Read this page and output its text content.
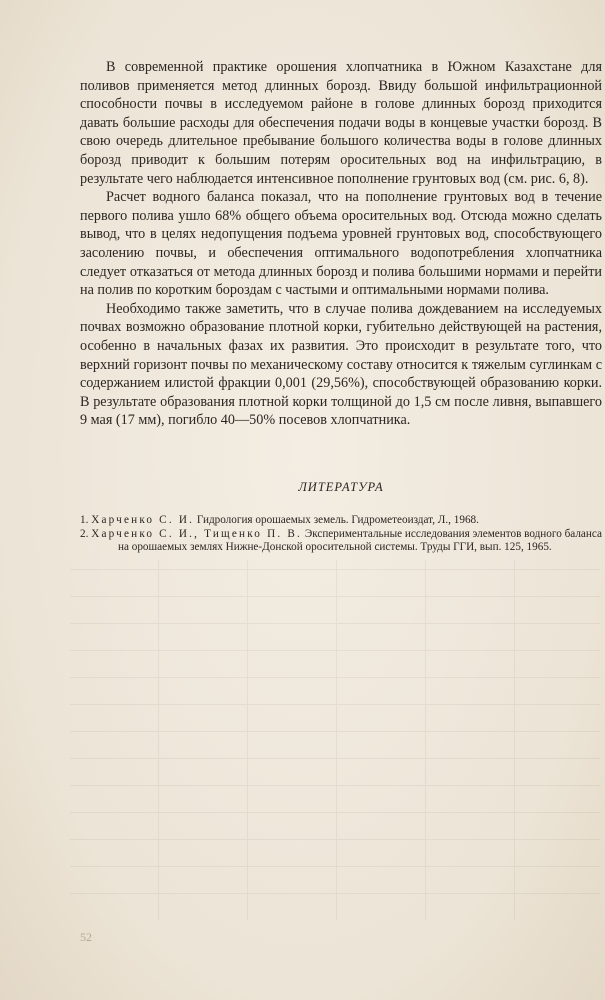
В современной практике орошения хлопчатника в Южном Казахстане для поливов применяется метод длинных борозд. Ввиду большой инфильтрационной способности почвы в исследуемом районе в голове длинных борозд приходится давать большие расходы для обеспечения подачи воды в концевые участки борозд. В свою очередь длительное пребывание большого количества воды в голове длинных борозд приводит к большим потерям оросительных вод на инфильтрацию, в результате чего наблюдается интенсивное пополнение грунтовых вод (см. рис. 6, 8).

Расчет водного баланса показал, что на пополнение грунтовых вод в течение первого полива ушло 68% общего объема оросительных вод. Отсюда можно сделать вывод, что в целях недопущения подъема уровней грунтовых вод, способствующего засолению почвы, и обеспечения оптимального водопотребления хлопчатника следует отказаться от метода длинных борозд и полива большими нормами и перейти на полив по коротким бороздам с частыми и оптимальными нормами полива.

Необходимо также заметить, что в случае полива дождеванием на исследуемых почвах возможно образование плотной корки, губительно действующей на растения, особенно в начальных фазах их развития. Это происходит в результате того, что верхний горизонт почвы по механическому составу относится к тяжелым суглинкам с содержанием илистой фракции 0,001 (29,56%), способствующей образованию корки. В результате образования плотной корки толщиной до 1,5 см после ливня, выпавшего 9 мая (17 мм), погибло 40—50% посевов хлопчатника.

ЛИТЕРАТУРА

1. Харченко С. И. Гидрология орошаемых земель. Гидрометеоиздат, Л., 1968.

2. Харченко С. И., Тищенко П. В. Экспериментальные исследования элементов водного баланса на орошаемых землях Нижне-Донской оросительной системы. Труды ГГИ, вып. 125, 1965.

52
